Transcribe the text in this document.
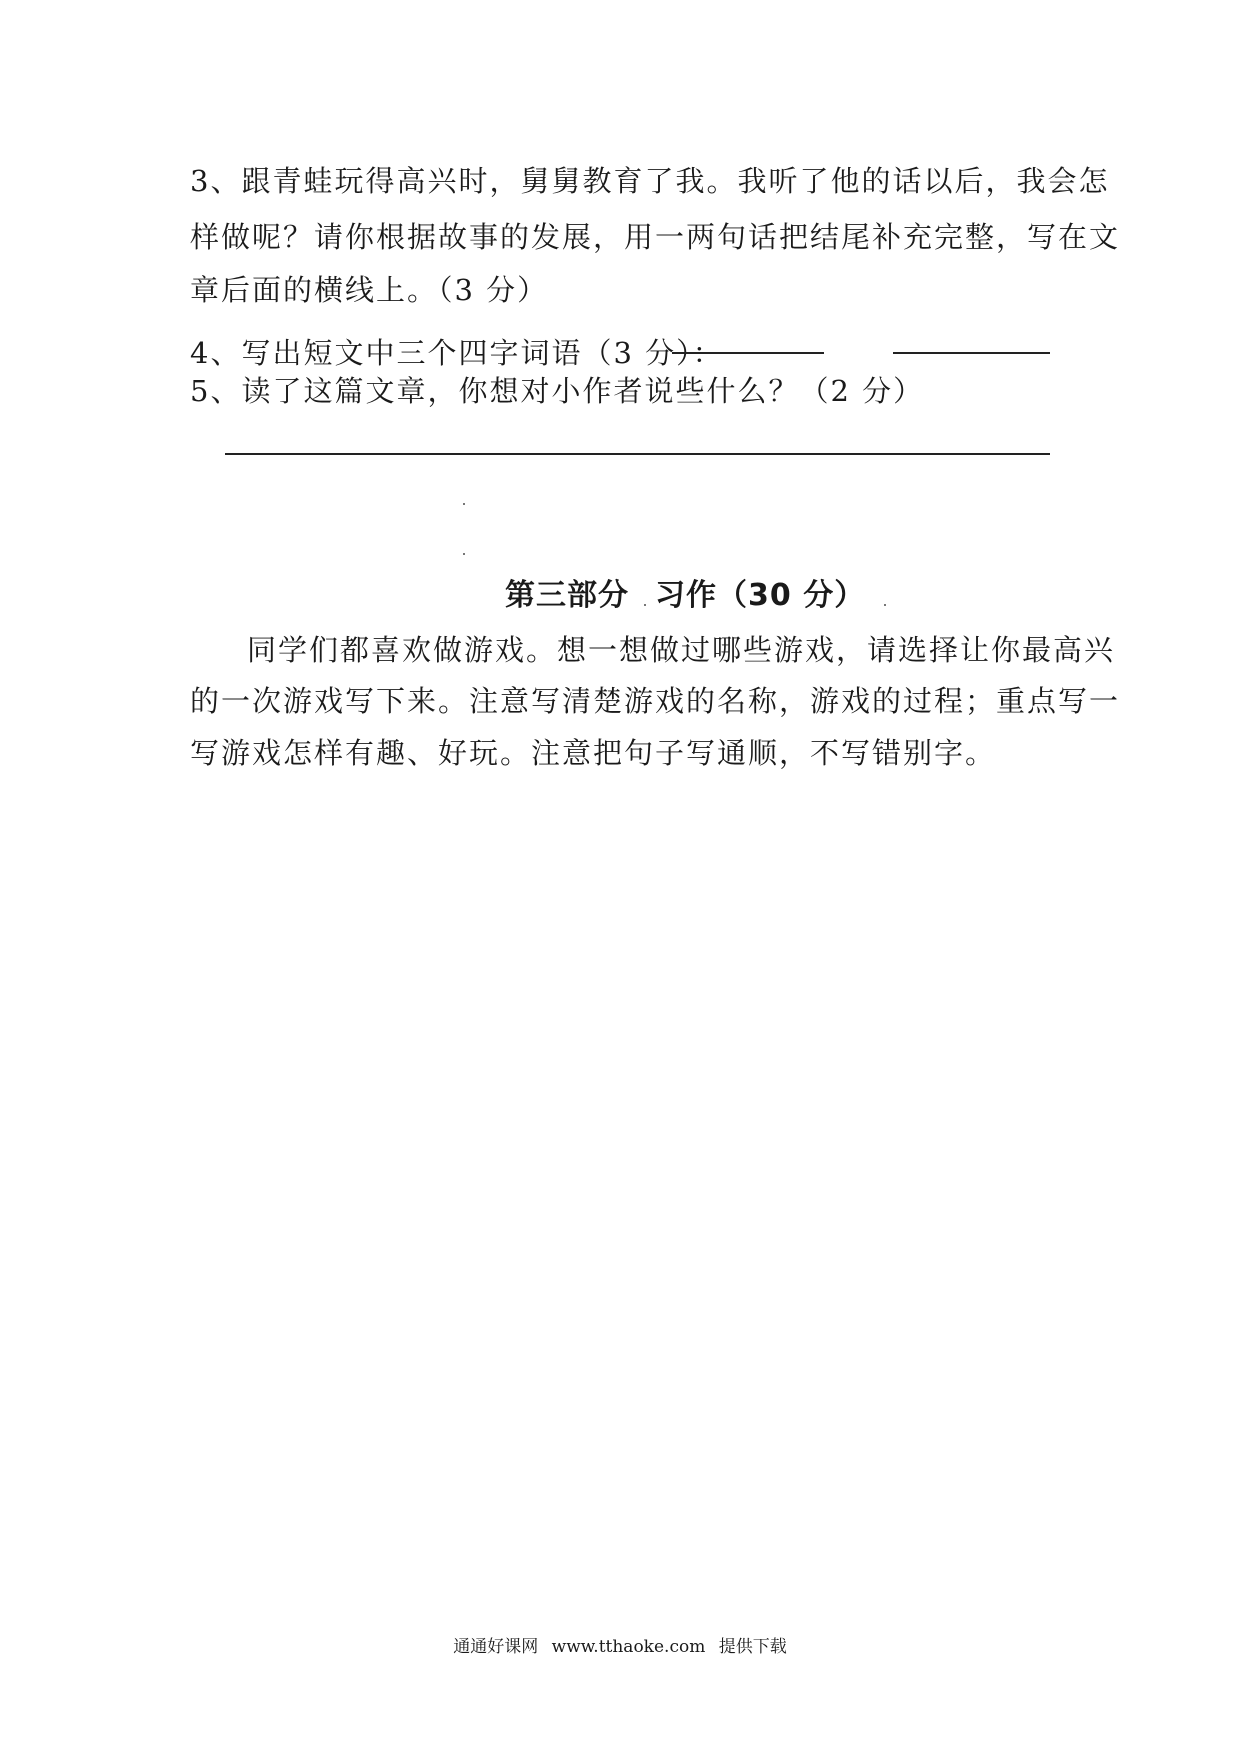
3、跟青蛙玩得高兴时，舅舅教育了我。我听了他的话以后，我会怎
样做呢？请你根据故事的发展，用一两句话把结尾补充完整，写在文
章后面的横线上。（3 分）
4、写出短文中三个四字词语（3 分）：
5、读了这篇文章，你想对小作者说些什么？（2 分）
第三部分 习作（30 分）
同学们都喜欢做游戏。想一想做过哪些游戏，请选择让你最高兴
的一次游戏写下来。注意写清楚游戏的名称，游戏的过程；重点写一
写游戏怎样有趣、好玩。注意把句子写通顺，不写错别字。
通通好课网 www.tthaoke.com 提供下载
